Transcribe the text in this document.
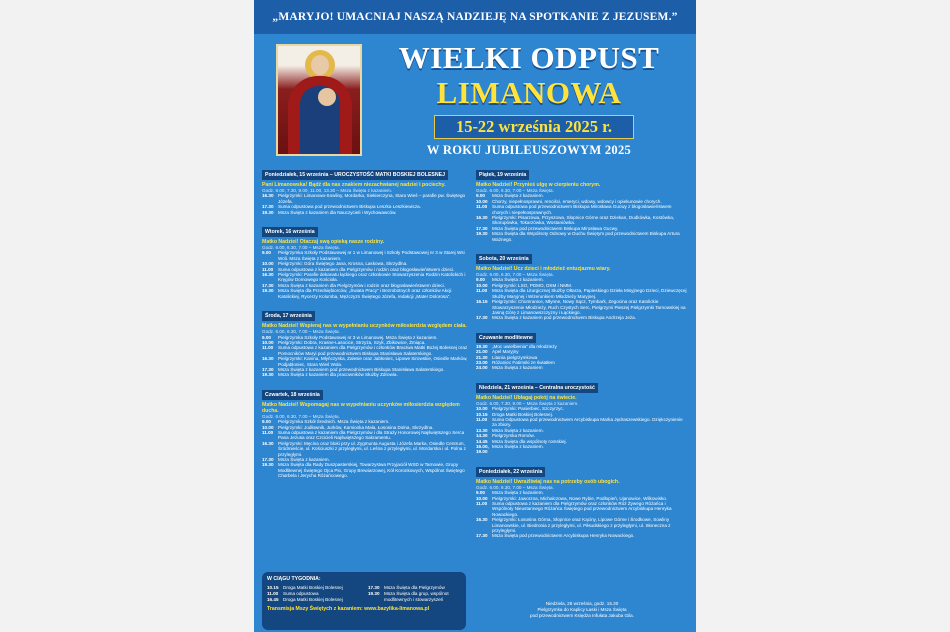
„MARYJO! UMACNIAJ NASZĄ NADZIEJĘ NA SPOTKANIE Z JEZUSEM.”
WIELKI ODPUST
LIMANOWA
15-22 września 2025 r.
W ROKU JUBILEUSZOWYM 2025
Poniedziałek, 15 września – UROCZYSTOŚĆ MATKI BOSKIEJ BOLESNEJ
Pani Limanowska! Bądź dla nas znakiem niezachwianej nadziei i pociechy.
Godz. 6.00, 7.30, 9.00, 11.00, 13.30 – Msza Święta z kazaniem.
16.30 Pielgrzymki: Limanowa-Sowliny, Mordarka, Siekierczyna, Stara Wieś – parafie pw. Świętego Józefa.
17.30 Suma odpustowa pod przewodnictwem Biskupa Leszka Leszkiewicza.
19.30 Msza Święta z kazaniem dla Nauczycieli i Wychowawców.
Wtorek, 16 września
Matko Nadziei! Otaczaj swą opieką nasze rodziny.
Godz. 6.00, 6.30, 7.00 – Msza Święta.
9.00	Pielgrzymka Szkoły Podstawowej nr 1 w Limanowej i Szkoły Podstawowej nr 3 w Starej Wsi Woli. Msza Święta z kazaniem.
10.00 Pielgrzymki: Góra Świętego Jana, Krosna, Laskowa, Skrzydlna.
11.00	Suma odpustowa z kazaniem dla Pielgrzymów i rodzin oraz błogosławieństwem dzieci.
16.30 Pielgrzymki: Parafie dekanatu łąckiego oraz członkowie Stowarzyszenia Rodzin Katolickich i Kręgów Domowego Kościoła.
17.30 Msza Święta z kazaniem dla Pielgrzymów i rodzin oraz błogosławieństwem dzieci.
19.30 Msza Święta dla Przedsiębiorców, „Świata Pracy” i Bezrobotnych oraz członków Akcji Katolickiej, Rycerzy Kolumba, Mężczyzn Świętego Józefa, redakcji „Mater Dolorosa”.
Środa, 17 września
Matko Nadziei! Wspieraj nas w wypełnianiu uczynków miłosierdzia względem ciała.
Godz. 6.00, 6.30, 7.00 – Msza Święta.
9.00	Pielgrzymka Szkoły Podstawowej nr 3 w Limanowej. Msza Święta z kazaniem.
10.00 Pielgrzymki: Dobra, Krasne-Lasocice, Strzyża, Szyk, Zbikowice, Żmiąca.
11.00	Suma odpustowa z kazaniem dla Pielgrzymów i członków Bractwa Matki Bożej Bolesnej oraz Pomocników Maryi pod przewodnictwem Biskupa Stanisława Salaterskiego.
16.30 Pielgrzymki: Kanina, Młyńczyska, Zalesie oraz Jabłoniec, Lipowe Sirowskie, Osiedle Marków, Podjabłoniec, Stara Wieś Wola.
17.30 Msza Święta z kazaniem pod przewodnictwem Biskupa Stanisława Salaterskiego.
19.30 Msza Święta z kazaniem dla pracowników Służby Zdrowia.
Czwartek, 18 września
Matko Nadziei! Wspomagaj nas w wypełnianiu uczynków miłosierdzia względem ducha.
Godz. 6.00, 6.30, 7.00 – Msza Święta.
9.00	Pielgrzymka Szkół Średnich. Msza Święta z kazaniem.
10.00 Pielgrzymki: Jodłownik, Jurków, Kamionka Mała, Łososina Dolna, Skrzydlna.
11.00	Suma odpustowa z kazaniem dla Pielgrzymów i dla Straży Honorowej Najświętszego Serca Pana Jezusa oraz Czcicieli Najświętszego Sakramentu.
16.30 Pielgrzymki: Męcina oraz bloki przy ul. Zygmunta Augusta i Józefa Marka, Osiedle Centrum, Śródmieście, ul. Kościuszki z przyległymi, ul. Leśna z przyległymi, ul. Mordarska i ul. Polna z przyległymi.
17.30 Msza Święta z kazaniem.
19.30 Msza Święta dla Rady Duszpasterskiej, Towarzystwa Przyjaciół WSD w Tarnowie, Grupy Modlitewnej Świętego Ojca Pio, Grupy Brewiarzowej, Kół Koronkowych, Wspólnot Świętego Charbela i Jerycha Różańcowego.
Piątek, 19 września
Matko Nadziei! Przynieś ulgę w cierpieniu chorym.
Godz. 6.00, 6.30, 7.00 – Msza Święta.
9.00	Msza Święta z kazaniem.
10.00 Chorzy, niepełnosprawni, renciści, emeryci, wdowy, wdowcy i opiekunowie chorych.
11.00	Suma odpustowa pod przewodnictwem Biskupa Mirosława Gucwy z błogosławieństwem chorych i niepełnosprawnych.
16.30 Pielgrzymki: Pisarzowa, Przyszowa, Słopnice Górne oraz Dziekan, Dudkówka, Kostówka, Skorupówka, Tokarzówka, Wostaniówka.
17.30 Msza Święta pod przewodnictwem Biskupa Mirosława Gucwy.
19.30 Msza Święta dla Wspólnoty Odnowy w Duchu Świętym pod przewodnictwem Biskupa Artura Ważnego.
Sobota, 20 września
Matko Nadziei! Ucz dzieci i młodzież entuzjazmu wiary.
Godz. 6.00, 6.30, 7.00 – Msza Święta.
9.00	Msza Święta z kazaniem.
10.00 Pielgrzymki: LSO, PDMO, DSM i NMM.
11.00	Msza Święta dla Liturgicznej Służby Ołtarza, Papieskiego Dzieła Misyjnego Dzieci, Dziewczęcej Służby Maryjnej i Wizerunkiem Młodzieży Maryjnej.
16.15 Pielgrzymki: Chomranice, Młynne, Nowy Sącz, Tymbark, Zegocina oraz Katolickie Stowarzyszenie Młodzieży, Ruch Czystych Serc, Pielgrzymi Pieszej Pielgrzymki Tarnowskiej na Jasną Górę z Limanowszczyzny i Łąckiego.
17.30 Msza Święta z kazaniem pod przewodnictwem Biskupa Andrzeja Jeża.
Czuwanie modlitewne
19.30 „Moc uwielbienia” dla młodzieży
21.00 Apel Maryjny
21.30 Litania pielgrzymkowa
23.00 Różaniec Fatimski ze światłem
24.00 Msza Święta z kazaniem
Niedziela, 21 września – Centralna uroczystość
Matko Nadziei! Ubłagaj pokój na świecie.
Godz. 6.00, 7.30, 9.00 – Msza Święta z kazaniem.
10.00 Pielgrzymki: Pasierbiec, Szczyrzyc.
10.15 Droga Matki Boskiej Bolesnej.
11.00	Suma Odpustowa pod przewodnictwem Arcybiskupa Marka Jędraszewskiego. Dziękczynienie za zbiory.
13.30 Msza Święta z kazaniem.
14.30 Pielgrzymka Romów.
14.45 Msza Święta dla wspólnoty romskiej.
16.00, 19.00
Msza Święta z kazaniem.
Poniedziałek, 22 września
Matko Nadziei! Uwrażliwiaj nas na potrzeby osób ubogich.
Godz. 6.00, 6.30, 7.00 – Msza Święta.
9.00	Msza Święta z kazaniem.
10.00 Pielgrzymki: Jaworzna, Michalczowa, Nowe Rybie, Podłopień, Ujanowice, Wilkowisko.
11.00	Suma odpustowa z kazaniem dla Pielgrzymów oraz członków Róż Żywego Różańca i Wspólnoty Nieustannego Różańca Świętego pod przewodnictwem Arcybiskupa Henryka Nowackiego.
16.30 Pielgrzymki: Łososina Górna, Słopnice oraz Kąciny, Lipowe Górne i Środkowe, Sowliny Limanowskie, ul. Biedronia z przyległymi, ul. Piłsudskiego z przyległymi, ul. Słoneczna z przyległymi.
17.30 Msza Święta pod przewodnictwem Arcybiskupa Henryka Nowackiego.
W CIĄGU TYGODNIA:
10.15 Droga Matki Boskiej Bolesnej
11.00	Suma odpustowa
16.45 Droga Matki Boskiej Bolesnej
17.30 Msza Święta dla Pielgrzymów
19.30 Msza Święta dla grup, wspólnot modlitewnych i stowarzyszeń
Transmisja Mszy Świętych z kazaniem: www.bazylika-limanowa.pl
Niedziela, 28 września, godz. 15.30
Pielgrzymka do Kaplicy Łaski i Msza Święta
pod przewodnictwem Księdza Infułata Jakuba Gila.
